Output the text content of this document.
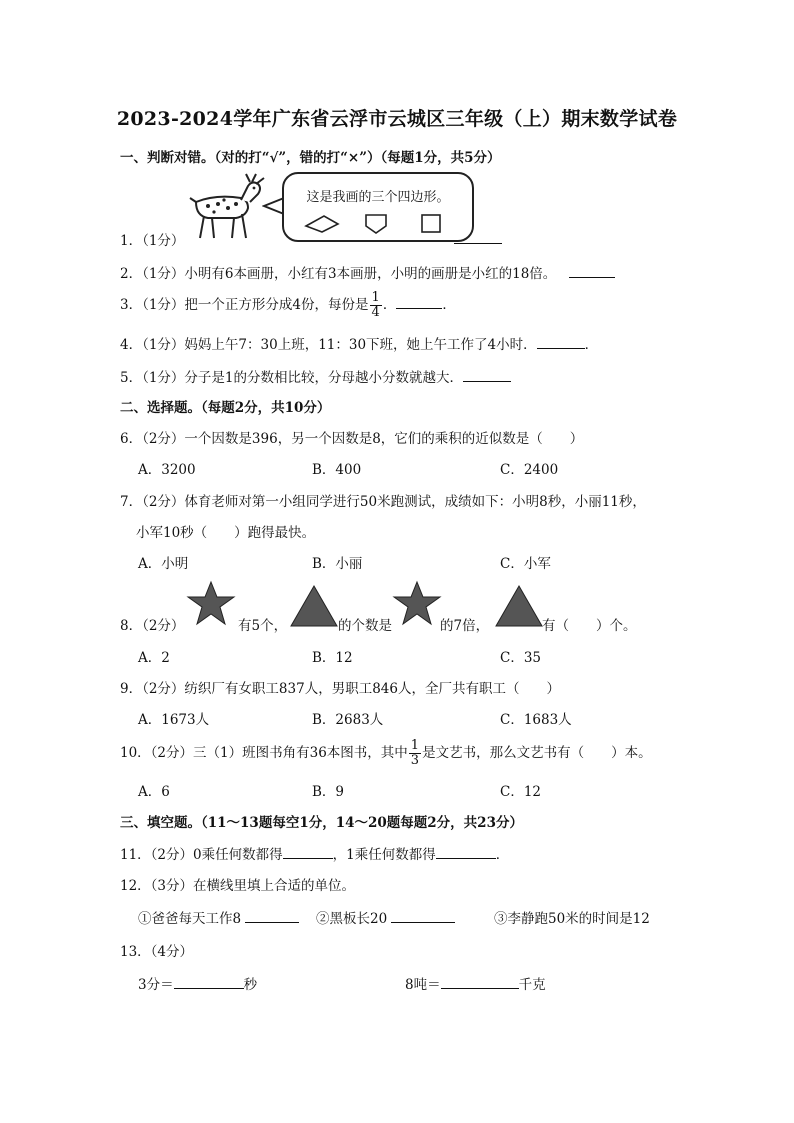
2023-2024学年广东省云浮市云城区三年级（上）期末数学试卷
一、判断对错。（对的打“√”，错的打“×”）（每题1分，共5分）
这是我画的三个四边形。
1．（1分）
2．（1分）小明有6本画册，小红有3本画册，小明的画册是小红的18倍。
3．（1分）把一个正方形分成4份，每份是 $\frac{1}{4}$ ．	．
4．（1分）妈妈上午7：30上班，11：30下班，她上午工作了4小时．	．
5．（1分）分子是1的分数相比较，分母越小分数就越大．
二、选择题。（每题2分，共10分）
6．（2分）一个因数是396，另一个因数是8，它们的乘积的近似数是（　　）
A．3200	B．400	C．2400
7．（2分）体育老师对第一小组同学进行50米跑测试，成绩如下：小明8秒，小丽11秒，
小军10秒（　　）跑得最快。
A．小明	B．小丽	C．小军
8．（2分）	有5个，	的个数是	的7倍，	有（　　）个。
A．2	B．12	C．35
9．（2分）纺织厂有女职工837人，男职工846人，全厂共有职工（　　）
A．1673人	B．2683人	C．1683人
10．（2分）三（1）班图书角有36本图书，其中 $\frac{1}{3}$ 是文艺书，那么文艺书有（　　）本。
A．6	B．9	C．12
三、填空题。（11～13题每空1分，14～20题每题2分，共23分）
11．（2分）0乘任何数都得	，1乘任何数都得	．
12．（3分）在横线里填上合适的单位。
①爸爸每天工作8	②黑板长20	③李静跑50米的时间是12
13．（4分）
3分＝	秒	8吨＝	千克
